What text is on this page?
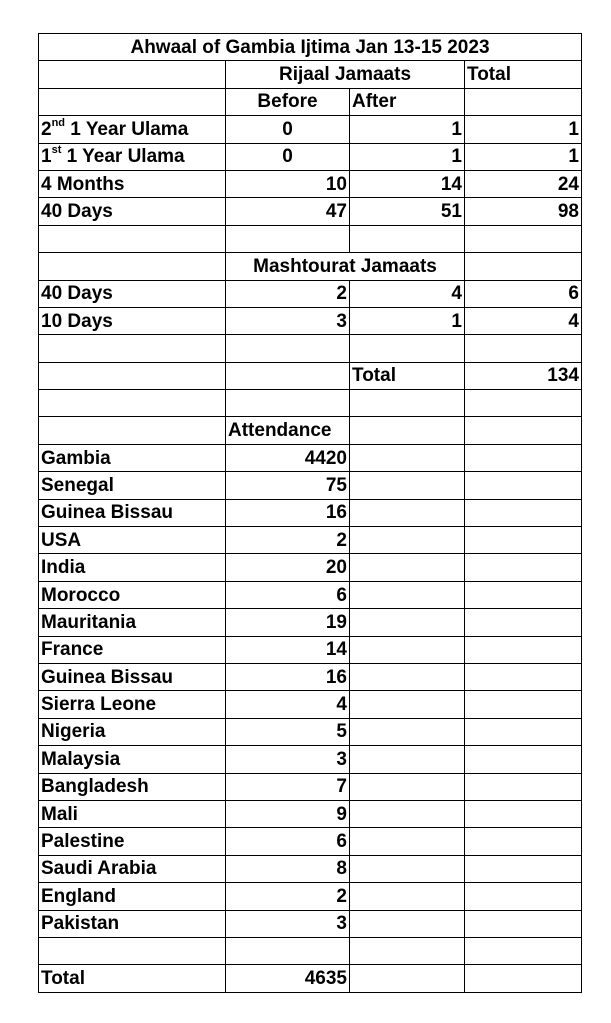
Ahwaal of Gambia Ijtima Jan 13-15 2023			
	Rijaal Jamaats		Total
	Before	After	
2nd 1 Year Ulama	0	1	1
1st 1 Year Ulama	0	1	1
4 Months	10	14	24
40 Days	47	51	98

	Mashtourat Jamaats		
40 Days	2	4	6
10 Days	3	1	4

		Total	134

	Attendance		
Gambia	4420		
Senegal	75		
Guinea Bissau	16		
USA	2		
India	20		
Morocco	6		
Mauritania	19		
France	14		
Guinea Bissau	16		
Sierra Leone	4		
Nigeria	5		
Malaysia	3		
Bangladesh	7		
Mali	9		
Palestine	6		
Saudi Arabia	8		
England	2		
Pakistan	3		

Total	4635		
